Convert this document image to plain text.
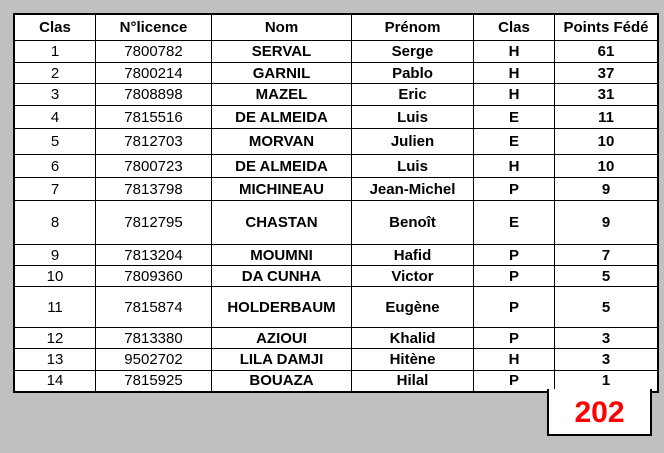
Clas	N°licence	Nom	Prénom	Clas	Points Fédé
1	7800782	SERVAL	Serge	H	61
2	7800214	GARNIL	Pablo	H	37
3	7808898	MAZEL	Eric	H	31
4	7815516	DE ALMEIDA	Luis	E	11
5	7812703	MORVAN	Julien	E	10
6	7800723	DE ALMEIDA	Luis	H	10
7	7813798	MICHINEAU	Jean-Michel	P	9
8	7812795	CHASTAN	Benoît	E	9
9	7813204	MOUMNI	Hafid	P	7
10	7809360	DA CUNHA	Victor	P	5
11	7815874	HOLDERBAUM	Eugène	P	5
12	7813380	AZIOUI	Khalid	P	3
13	9502702	LILA DAMJI	Hitène	H	3
14	7815925	BOUAZA	Hilal	P	1
202
